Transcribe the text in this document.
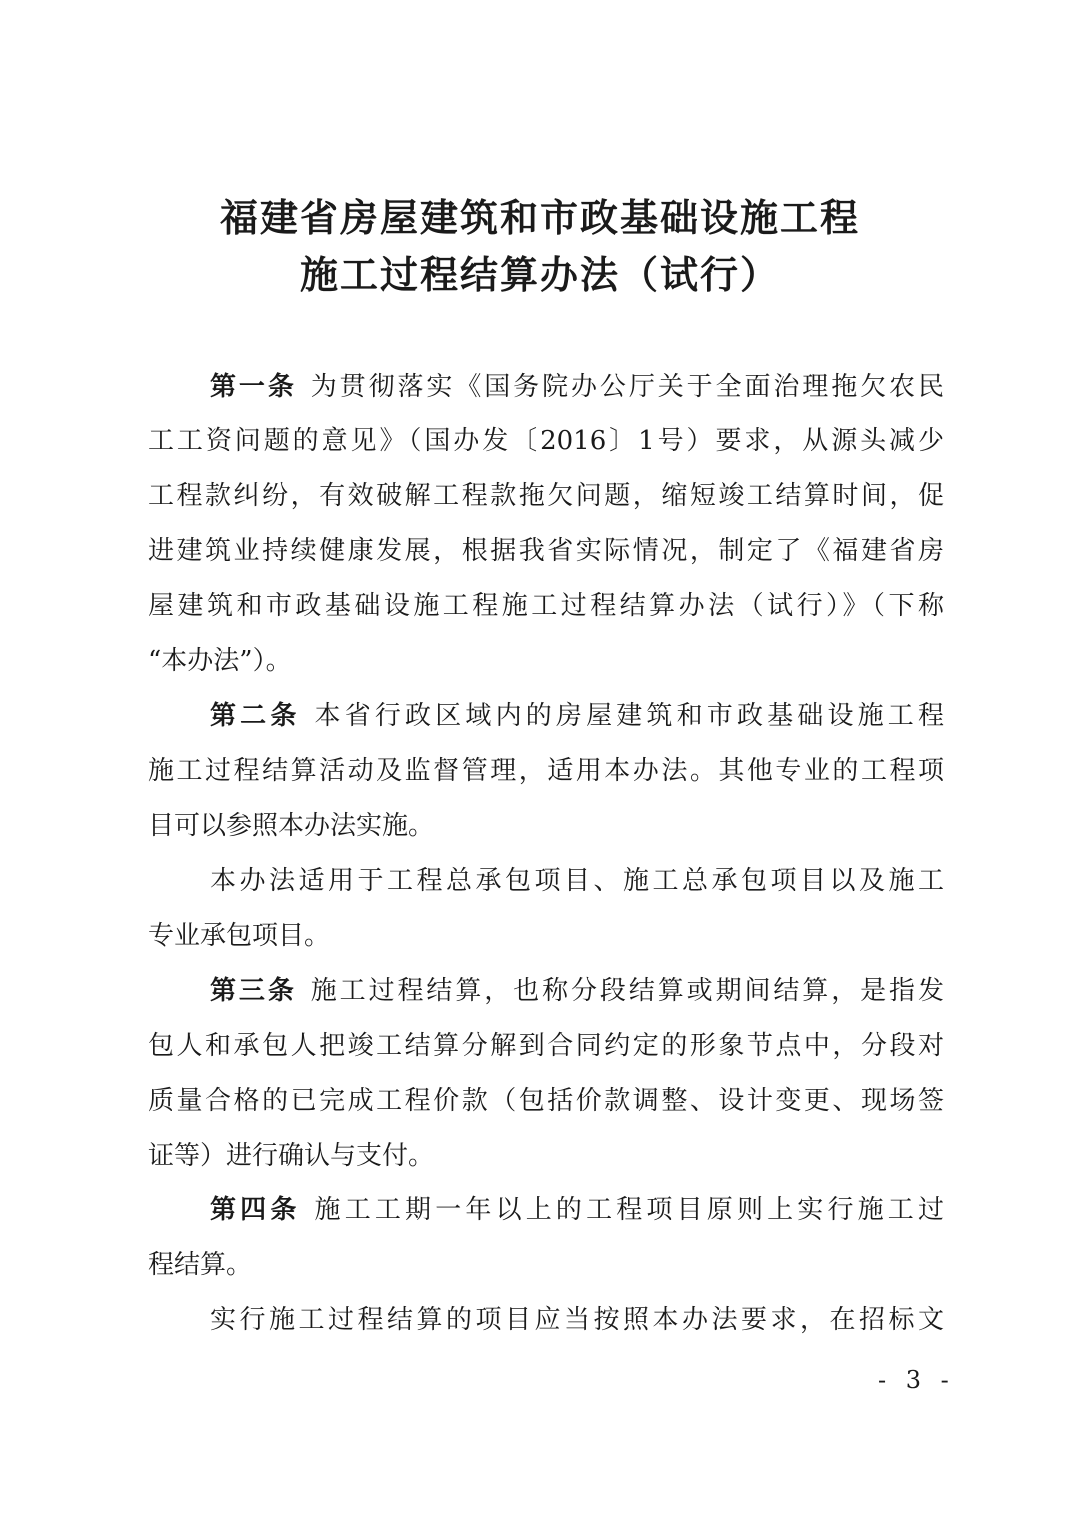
福建省房屋建筑和市政基础设施工程
施工过程结算办法（试行）
第一条 为贯彻落实《国务院办公厅关于全面治理拖欠农民
工工资问题的意见》（国办发〔2016〕1号）要求，从源头减少
工程款纠纷，有效破解工程款拖欠问题，缩短竣工结算时间，促
进建筑业持续健康发展，根据我省实际情况，制定了《福建省房
屋建筑和市政基础设施工程施工过程结算办法（试行）》（下称
“本办法”）。
第二条 本省行政区域内的房屋建筑和市政基础设施工程
施工过程结算活动及监督管理，适用本办法。其他专业的工程项
目可以参照本办法实施。
本办法适用于工程总承包项目、施工总承包项目以及施工
专业承包项目。
第三条 施工过程结算，也称分段结算或期间结算，是指发
包人和承包人把竣工结算分解到合同约定的形象节点中，分段对
质量合格的已完成工程价款（包括价款调整、设计变更、现场签
证等）进行确认与支付。
第四条 施工工期一年以上的工程项目原则上实行施工过
程结算。
实行施工过程结算的项目应当按照本办法要求，在招标文
- 3 -
